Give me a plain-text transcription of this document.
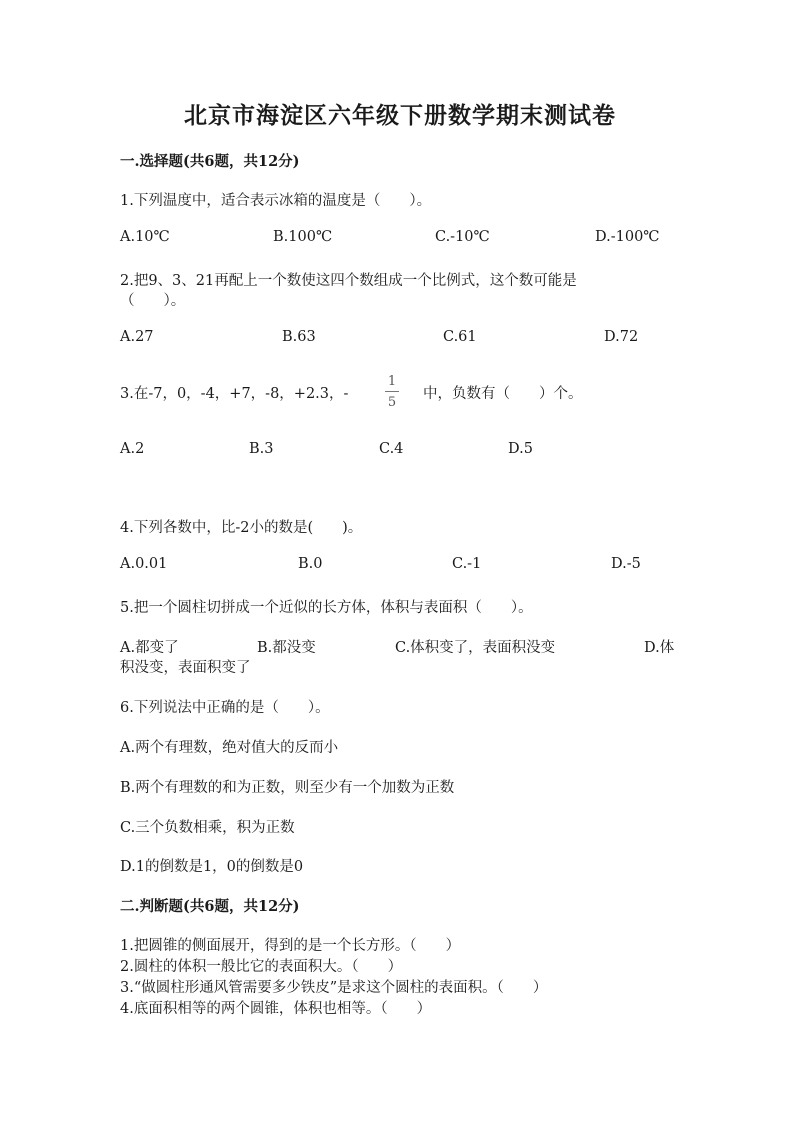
北京市海淀区六年级下册数学期末测试卷
一.选择题(共6题，共12分)
1.下列温度中，适合表示冰箱的温度是（　　）。
A.10℃	B.100℃	C.-10℃	D.-100℃
2.把9、3、21再配上一个数使这四个数组成一个比例式，这个数可能是
（　　）。
A.27	B.63	C.61	D.72
3.在-7，0，-4，+7，-8，+2.3，-	$\frac{1}{5}$ 中，负数有（　　）个。
A.2	B.3	C.4	D.5
4.下列各数中，比-2小的数是(　　)。
A.0.01	B.0	C.-1	D.-5
5.把一个圆柱切拼成一个近似的长方体，体积与表面积（　　）。
A.都变了	B.都没变	C.体积变了，表面积没变	D.体
积没变，表面积变了
6.下列说法中正确的是（　　）。
A.两个有理数，绝对值大的反而小
B.两个有理数的和为正数，则至少有一个加数为正数
C.三个负数相乘，积为正数
D.1的倒数是1，0的倒数是0
二.判断题(共6题，共12分)
1.把圆锥的侧面展开，得到的是一个长方形。（　　）
2.圆柱的体积一般比它的表面积大。（　　）
3.“做圆柱形通风管需要多少铁皮”是求这个圆柱的表面积。（　　）
4.底面积相等的两个圆锥，体积也相等。（　　）
